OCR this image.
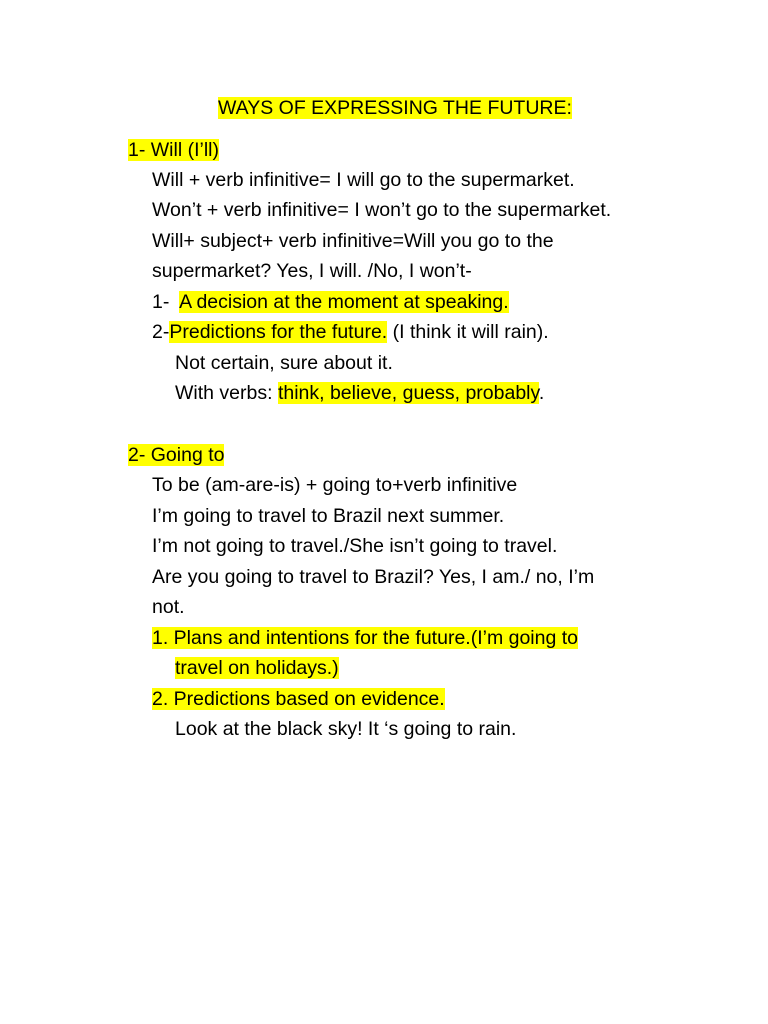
WAYS OF EXPRESSING THE FUTURE:
1- Will (I’ll)
Will + verb infinitive= I will go to the supermarket.
Won’t + verb infinitive= I won’t go to the supermarket.
Will+ subject+ verb infinitive=Will you go to the
supermarket? Yes, I will. /No, I won’t-
1-  A decision at the moment at speaking.
2-Predictions for the future. (I think it will rain).
Not certain, sure about it.
With verbs: think, believe, guess, probably.
2- Going to
To be (am-are-is) + going to+verb infinitive
I’m going to travel to Brazil next summer.
I’m not going to travel./She isn’t going to travel.
Are you going to travel to Brazil? Yes, I am./ no, I’m
not.
1. Plans and intentions for the future.(I’m going to
travel on holidays.)
2. Predictions based on evidence.
Look at the black sky! It ‘s going to rain.
